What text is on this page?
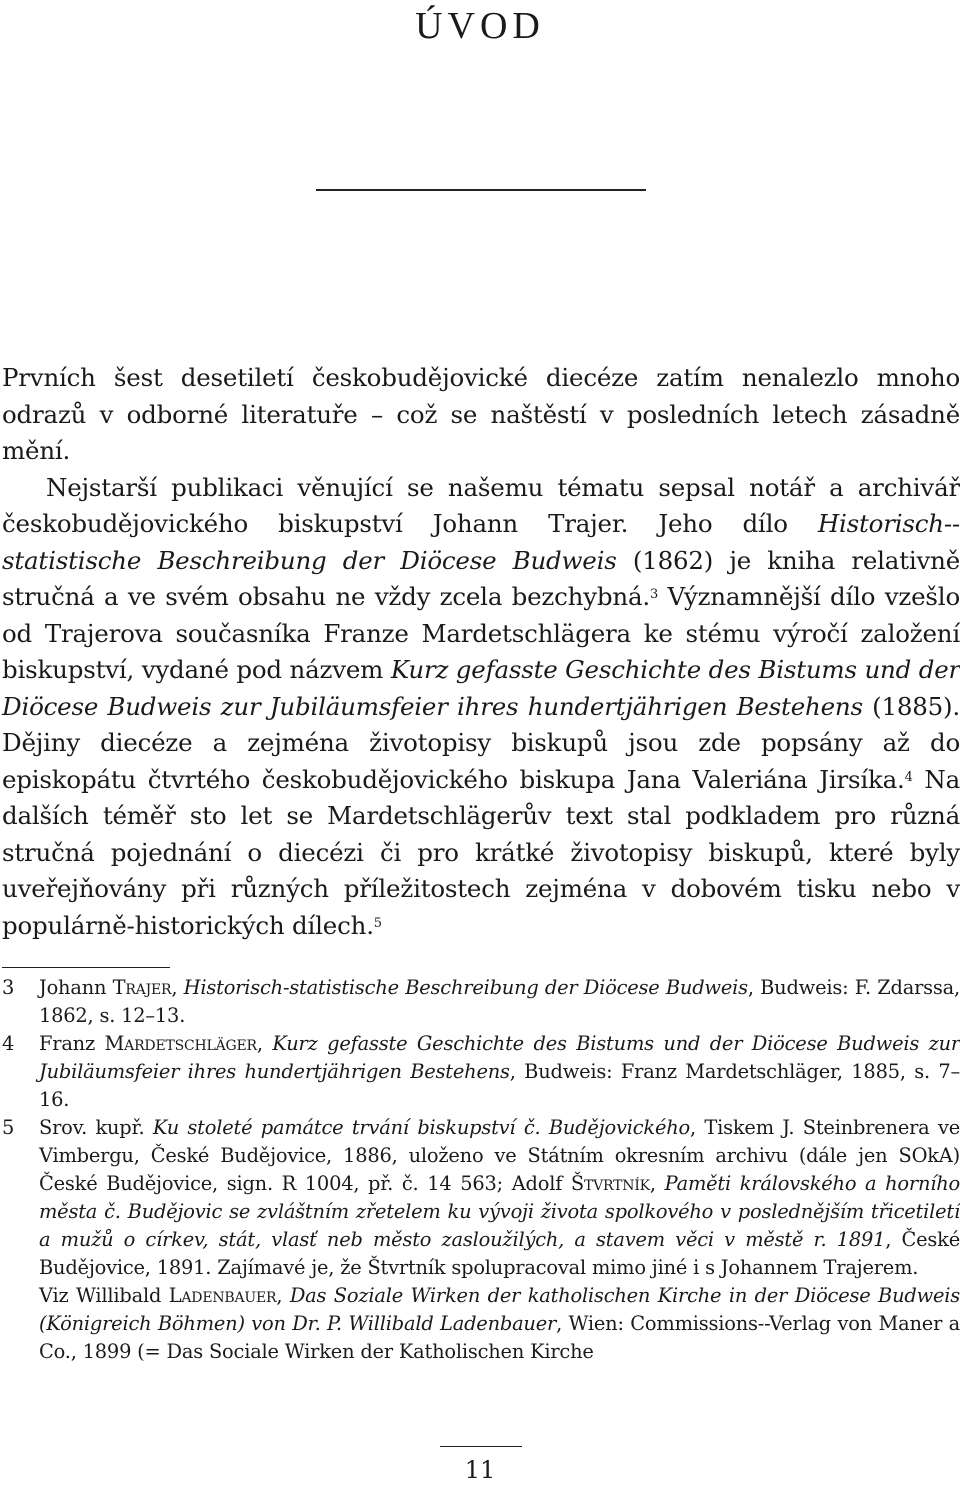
ÚVOD

Prvních šest desetiletí českobudějovické diecéze zatím nenalezlo mnoho odrazů v odborné literatuře – což se naštěstí v posledních letech zásadně mění.

Nejstarší publikaci věnující se našemu tématu sepsal notář a archivář českobudějovického biskupství Johann Trajer. Jeho dílo Historisch--statistische Beschreibung der Diöcese Budweis (1862) je kniha relativně stručná a ve svém obsahu ne vždy zcela bezchybná.$^3$ Významnější dílo vzešlo od Trajerova současníka Franze Mardetschlägera ke stému výročí založení biskupství, vydané pod názvem Kurz gefasste Geschichte des Bistums und der Diöcese Budweis zur Jubiläumsfeier ihres hundertjährigen Bestehens (1885). Dějiny diecéze a zejména životopisy biskupů jsou zde popsány až do episkopátu čtvrtého českobudějovického biskupa Jana Valeriána Jirsíka.$^4$ Na dalších téměř sto let se Mardetschlägerův text stal podkladem pro různá stručná pojednání o diecézi či pro krátké životopisy biskupů, které byly uveřejňovány při různých příležitostech zejména v dobovém tisku nebo v populárně-historických dílech.$^5$

3 Johann Trajer, Historisch-statistische Beschreibung der Diöcese Budweis, Budweis: F. Zdarssa, 1862, s. 12–13.

4 Franz Mardetschläger, Kurz gefasste Geschichte des Bistums und der Diöcese Budweis zur Jubiläumsfeier ihres hundertjährigen Bestehens, Budweis: Franz Mardetschläger, 1885, s. 7–16.

5 Srov. kupř. Ku stoleté památce trvání biskupství č. Budějovického, Tiskem J. Steinbrenera ve Vimbergu, České Budějovice, 1886, uloženo ve Státním okresním archivu (dále jen SOkA) České Budějovice, sign. R 1004, př. č. 14 563; Adolf Štvrtník, Paměti královského a horního města č. Budějovic se zvláštním zřetelem ku vývoji života spolkového v poslednějším třicetiletí a mužů o církev, stát, vlasť neb město zasloužilých, a stavem věci v městě r. 1891, České Budějovice, 1891. Zajímavé je, že Štvrtník spolupracoval mimo jiné i s Johannem Trajerem.

Viz Willibald Ladenbauer, Das Soziale Wirken der katholischen Kirche in der Diöcese Budweis (Königreich Böhmen) von Dr. P. Willibald Ladenbauer, Wien: Commissions--Verlag von Maner a Co., 1899 (= Das Sociale Wirken der Katholischen Kirche

11
